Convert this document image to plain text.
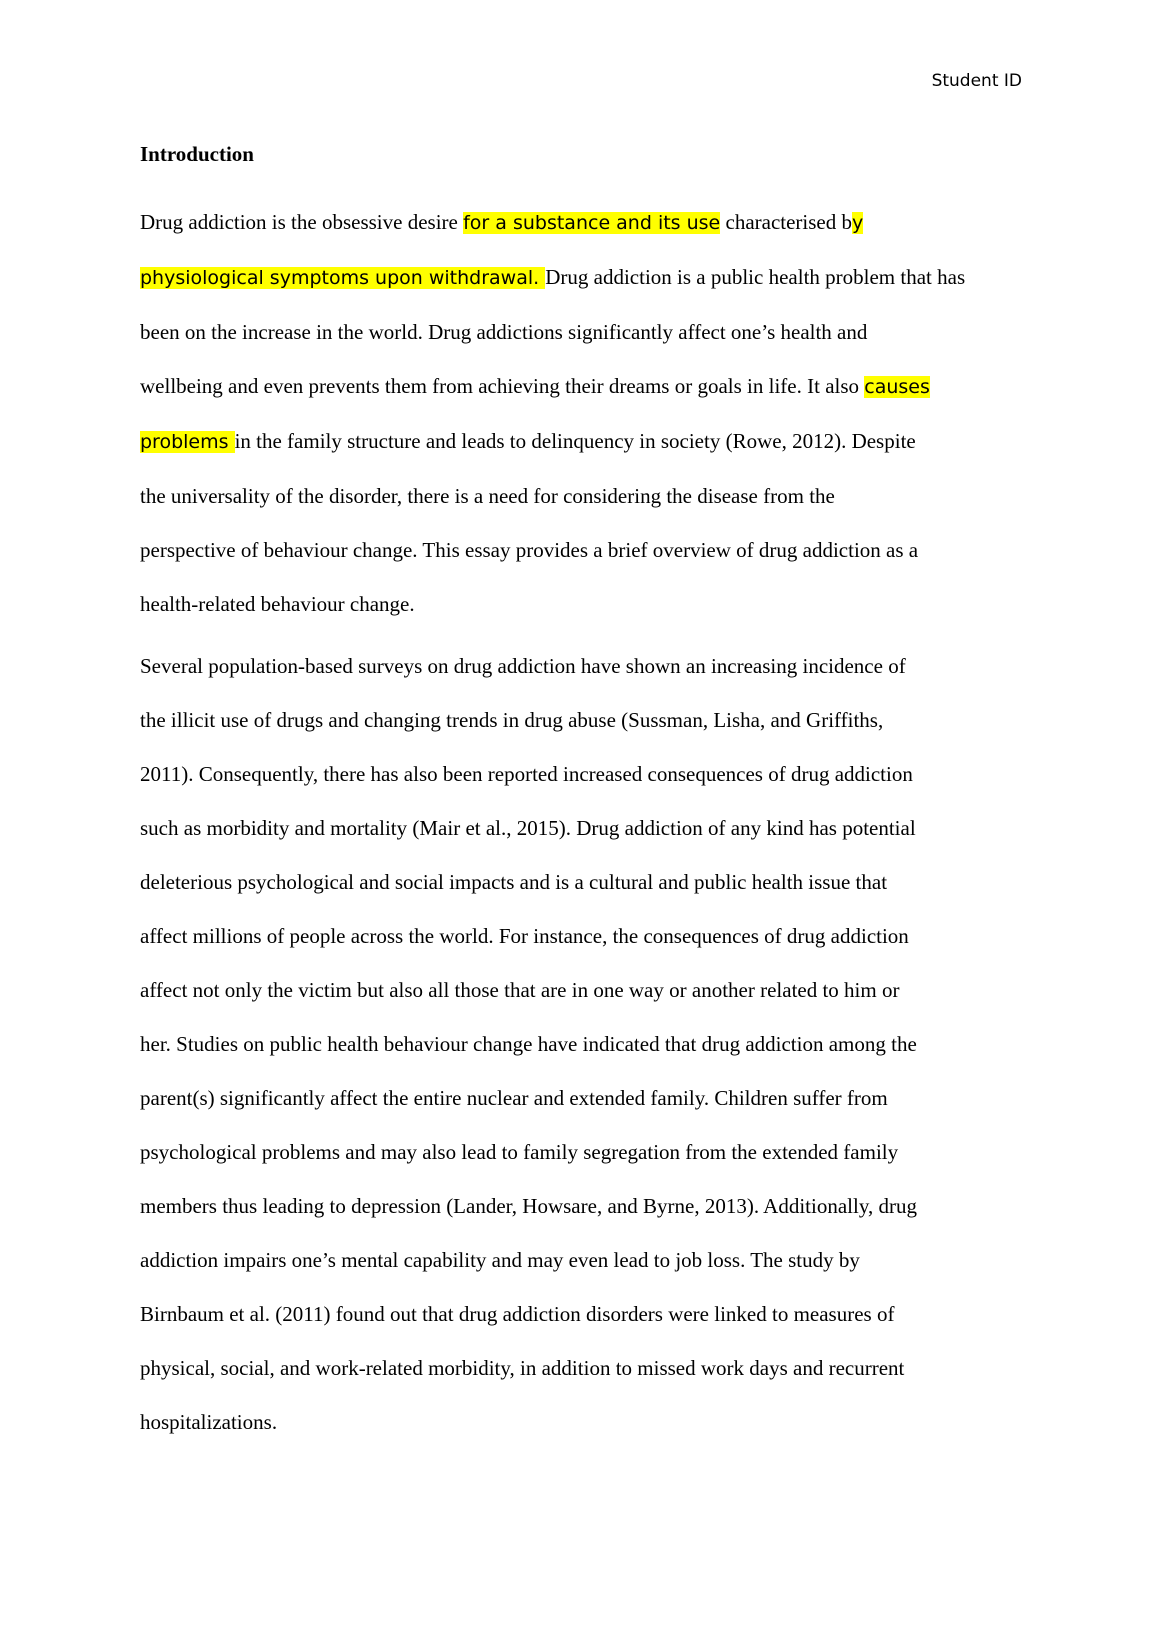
Student ID
Introduction
Drug addiction is the obsessive desire for a substance and its use characterised by
physiological symptoms upon withdrawal. Drug addiction is a public health problem that has
been on the increase in the world. Drug addictions significantly affect one’s health and
wellbeing and even prevents them from achieving their dreams or goals in life. It also causes
problems in the family structure and leads to delinquency in society (Rowe, 2012). Despite
the universality of the disorder, there is a need for considering the disease from the
perspective of behaviour change. This essay provides a brief overview of drug addiction as a
health-related behaviour change.
Several population-based surveys on drug addiction have shown an increasing incidence of
the illicit use of drugs and changing trends in drug abuse (Sussman, Lisha, and Griffiths,
2011). Consequently, there has also been reported increased consequences of drug addiction
such as morbidity and mortality (Mair et al., 2015). Drug addiction of any kind has potential
deleterious psychological and social impacts and is a cultural and public health issue that
affect millions of people across the world. For instance, the consequences of drug addiction
affect not only the victim but also all those that are in one way or another related to him or
her. Studies on public health behaviour change have indicated that drug addiction among the
parent(s) significantly affect the entire nuclear and extended family. Children suffer from
psychological problems and may also lead to family segregation from the extended family
members thus leading to depression (Lander, Howsare, and Byrne, 2013). Additionally, drug
addiction impairs one’s mental capability and may even lead to job loss. The study by
Birnbaum et al. (2011) found out that drug addiction disorders were linked to measures of
physical, social, and work-related morbidity, in addition to missed work days and recurrent
hospitalizations.
